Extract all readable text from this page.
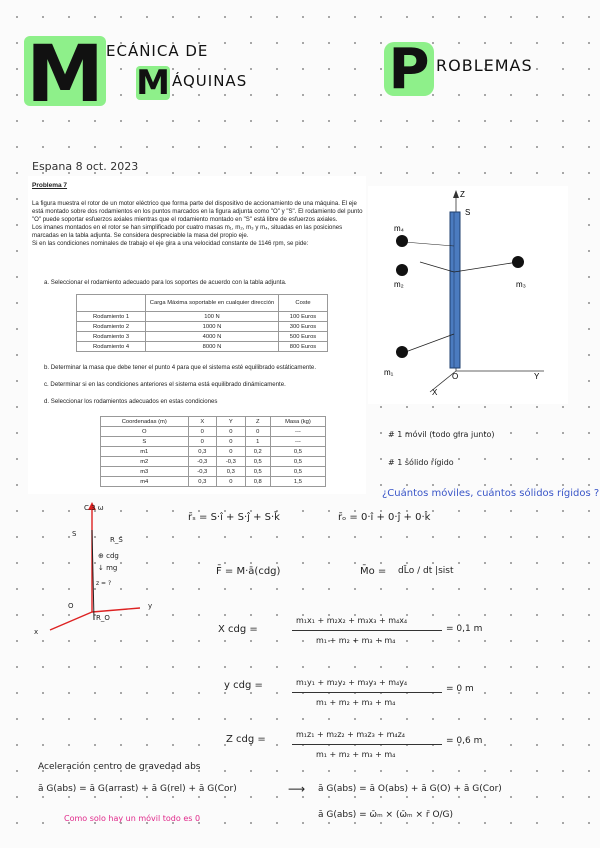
M ECÁNICA DE
M ÁQUINAS	P ROBLEMAS
Espana 8 oct. 2023
Problema 7
La figura muestra el rotor de un motor eléctrico que forma parte del dispositivo de accionamiento de una máquina. El eje está montado sobre dos rodamientos en los puntos marcados en la figura adjunta como "O" y "S". El rodamiento del punto "O" puede soportar esfuerzos axiales mientras que el rodamiento montado en "S" está libre de esfuerzos axiales.
Los imanes montados en el rotor se han simplificado por cuatro masas m₁, m₂, m₃ y m₄, situadas en las posiciones marcadas en la tabla adjunta. Se considera despreciable la masa del propio eje.
Si en las condiciones nominales de trabajo el eje gira a una velocidad constante de 1146 rpm, se pide:
a. Seleccionar el rodamiento adecuado para los soportes de acuerdo con la tabla adjunta.
	Carga Máxima soportable en cualquier dirección	Coste
Rodamiento 1	100 N	100 Euros
Rodamiento 2	1000 N	300 Euros
Rodamiento 3	4000 N	500 Euros
Rodamiento 4	8000 N	800 Euros
b. Determinar la masa que debe tener el punto 4 para que el sistema esté equilibrado estáticamente.
c. Determinar si en las condiciones anteriores el sistema está equilibrado dinámicamente.
d. Seleccionar los rodamientos adecuados en estas condiciones
Coordenadas (m)	X	Y	Z	Masa (kg)
O	0	0	0	---
S	0	0	1	---
m1	0,3	0	0,2	0,5
m2	-0,3	-0,3	0,5	0,5
m3	-0,3	0,3	0,5	0,5
m4	0,3	0	0,8	1,5
Z
S
m₄
m₂	m₃
m₁	O	Y
X
# 1 móvil (todo gira junto)
# 1 sólido rígido
¿Cuántos móviles, cuántos sólidos rígidos ?
C.3 ω
S
R_S
⊕ cdg
↓ mg
z = ?
O
R_O
y
x
r̄ₛ = S·î + S·ĵ + S·k̂	r̄ₒ = 0·î + 0·ĵ + 0·k̂
F̄ = M·ā(cdg)	M̄o = dL̄o / dt |sist
X cdg =
m₁x₁ + m₂x₂ + m₃x₃ + m₄x₄
m₁ + m₂ + m₃ + m₄
= 0,1 m
y cdg =	m₁y₁ + m₂y₂ + m₃y₃ + m₄y₄
m₁ + m₂ + m₃ + m₄
= 0 m
Z cdg =	m₁z₁ + m₂z₂ + m₃z₃ + m₄z₄
m₁ + m₂ + m₃ + m₄
= 0,6 m
Aceleración centro de gravedad abs
ā G(abs) = ā G(arrast) + ā G(rel) + ā G(Cor)	⟶ ā G(abs) = ā O(abs) + ā G(O) + ā G(Cor)
Como solo hay un móvil todo es 0	ā G(abs) = ω̄ₘ × (ω̄ₘ × r̄ O/G)
